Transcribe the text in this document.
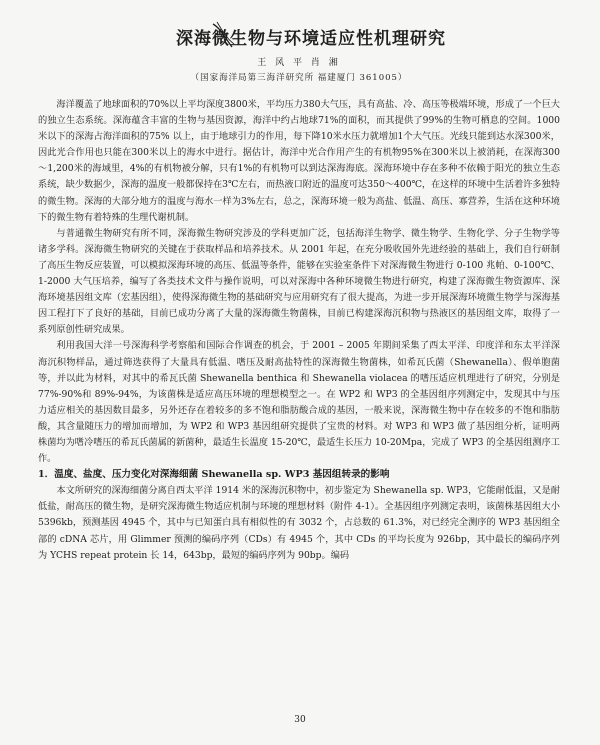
深海微生物与环境适应性机理研究
王 风 平 肖 湘
（国家海洋局第三海洋研究所 福建厦门 361005）

海洋覆盖了地球面积的70%以上平均深度3800米，平均压力380大气压，具有高盐、冷、高压等极端环境，形成了一个巨大的独立生态系统。深海蕴含丰富的生物与基因资源，海洋中约占地球71%的面积，而其提供了99%的生物可栖息的空间。1000米以下的深海占海洋面积的75% 以上，由于地球引力的作用，每下降10米水压力就增加1个大气压。光线只能到达水深300米，因此光合作用也只能在300米以上的海水中进行。据估计，海洋中光合作用产生的有机物95%在300米以上被消耗，在深海300～1,200米的海域里，4%的有机物被分解，只有1%的有机物可以到达深海海底。深海环境中存在多种不依赖于阳光的独立生态系统，缺少数据少，深海的温度一般都保持在3℃左右，而热液口附近的温度可达350～400℃，在这样的环境中生活着许多独特的微生物。深海的大部分地方的温度与海水一样为3%左右，总之，深海环境一般为高盐、低温、高压、寡营养，生活在这种环境下的微生物有着特殊的生理代谢机制。

与普通微生物研究有所不同，深海微生物研究涉及的学科更加广泛，包括海洋生物学、微生物学、生物化学、分子生物学等诸多学科。深海微生物研究的关键在于获取样品和培养技术。从 2001 年起，在充分吸收国外先进经验的基础上，我们自行研制了高压生物反应装置，可以模拟深海环境的高压、低温等条件，能够在实验室条件下对深海微生物进行 0-100 兆帕、0-100℃、1-2000 大气压培养，编写了各类技术文件与操作说明，可以对深海中各种环境微生物进行研究，构建了深海微生物资源库、深海环境基因组文库（宏基因组），使得深海微生物的基础研究与应用研究有了很大提高，为进一步开展深海环境微生物学与深海基因工程打下了良好的基础，目前已成功分离了大量的深海微生物菌株，目前已构建深海沉积物与热液区的基因组文库，取得了一系列原创性研究成果。

利用我国大洋一号深海科学考察船和国际合作调查的机会，于 2001 – 2005 年期间采集了西太平洋、印度洋和东太平洋深海沉积物样品，通过筛选获得了大量具有低温、嗜压及耐高盐特性的深海微生物菌株，如希瓦氏菌（Shewanella）、假单胞菌等，并以此为材料，对其中的希瓦氏菌 Shewanella benthica 和 Shewanella violacea 的嗜压适应机理进行了研究，分别是 77%-90%和 89%-94%，为该菌株是适应高压环境的理想模型之一。在 WP2 和 WP3 的全基因组序列测定中，发现其中与压力适应相关的基因数目最多，另外还存在着较多的多不饱和脂肪酸合成的基因，一般来说，深海微生物中存在较多的不饱和脂肪酸，其含量随压力的增加而增加，为 WP2 和 WP3 基因组研究提供了宝贵的材料。对 WP3 和 WP3 做了基因组分析，证明两株菌均为嗜冷嗜压的希瓦氏菌属的新菌种，最适生长温度 15-20℃，最适生长压力 10-20Mpa，完成了 WP3 的全基因组测序工作。

1．温度、盐度、压力变化对深海细菌 Shewanella sp. WP3 基因组转录的影响

本文所研究的深海细菌分离自西太平洋 1914 米的深海沉积物中，初步鉴定为 Shewanella sp. WP3，它能耐低温，又是耐低盐，耐高压的微生物，是研究深海微生物适应机制与环境的理想材料（附件 4-1）。全基因组序列测定表明，该菌株基因组大小 5396kb，预测基因 4945 个，其中与已知蛋白具有相似性的有 3032 个，占总数的 61.3%，对已经完全测序的 WP3 基因组全部的 cDNA 芯片，用 Glimmer 预测的编码序列（CDs）有 4945 个，其中 CDs 的平均长度为 926bp，其中最长的编码序列为 YCHS repeat protein 长 14，643bp，最短的编码序列为 90bp。编码

30
